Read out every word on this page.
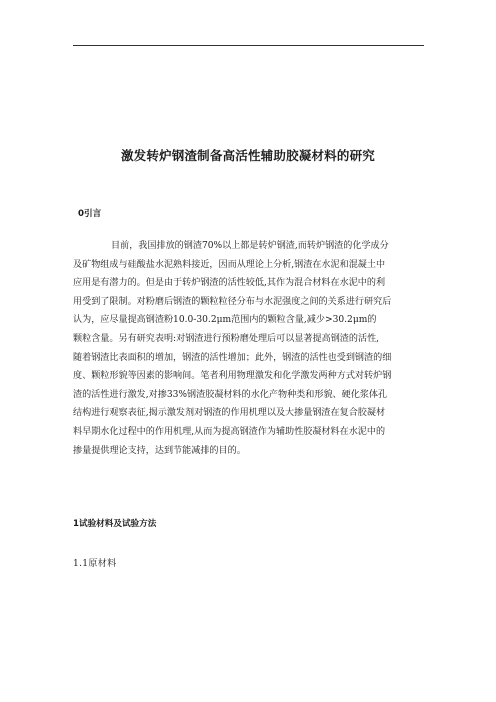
激发转炉钢渣制备高活性辅助胶凝材料的研究
0引言
目前，我国排放的钢渣70%以上都是转炉钢渣,而转炉钢渣的化学成分
及矿物组成与硅酸盐水泥熟料接近，因而从理论上分析,钢渣在水泥和混凝土中
应用是有潜力的。但是由于转炉钢渣的活性较低,其作为混合材料在水泥中的利
用受到了限制。对粉磨后钢渣的颗粒粒径分布与水泥强度之间的关系进行研究后
认为，应尽量提高钢渣粉10.0-30.2μm范围内的颗粒含量,减少>30.2μm的
颗粒含量。另有研究表明:对钢渣进行预粉磨处理后可以显著提高钢渣的活性,
随着钢渣比表面积的增加，钢渣的活性增加；此外，钢渣的活性也受到钢渣的细
度、颗粒形貌等因素的影响间。笔者利用物理激发和化学激发两种方式对转炉钢
渣的活性进行激发,对掺33%钢渣胶凝材料的水化产物种类和形貌、硬化浆体孔
结构进行观察表征,揭示激发剂对钢渣的作用机理以及大掺量钢渣在复合胶凝材
料早期水化过程中的作用机理,从而为提高钢渣作为辅助性胶凝材料在水泥中的
掺量提供理论支持，达到节能减排的目的。
1试验材料及试验方法
1.1原材料
